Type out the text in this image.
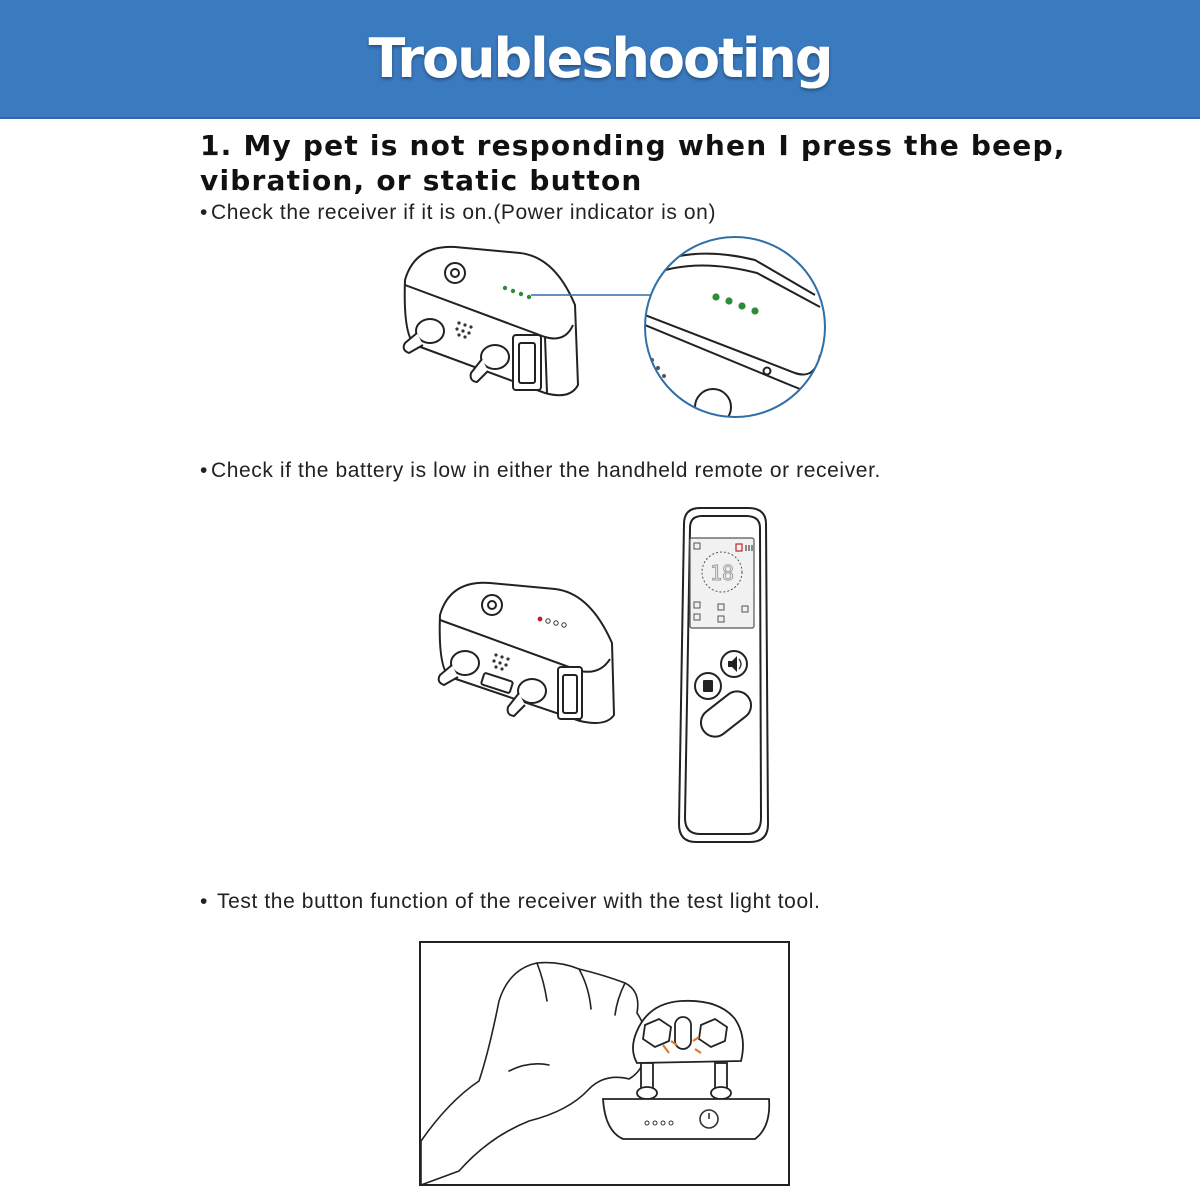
Troubleshooting
1. My pet is not responding when I press the beep,
vibration, or static button
• Check the receiver if it is on.(Power indicator is on)
• Check if the battery is low in either the handheld remote or receiver.
18
• Test the button function of the receiver with the test light tool.
